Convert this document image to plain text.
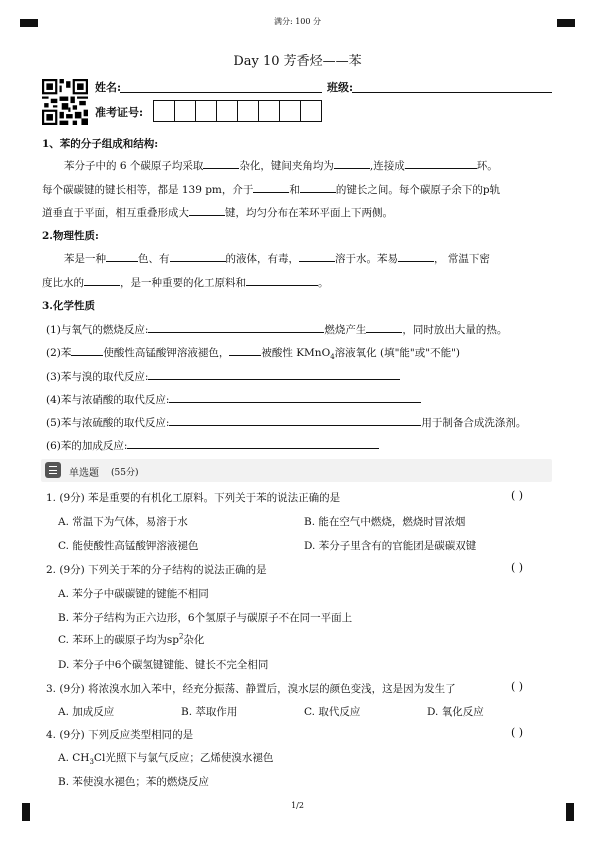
满分: 100 分
Day 10 芳香烃——苯
姓名:	班级:
准考证号:
1、苯的分子组成和结构:
苯分子中的 6 个碳原子均采取	杂化，键间夹角均为	,连接成	环。
每个碳碳键的键长相等，都是 139 pm，介于	和	的键长之间。每个碳原子余下的p轨
道垂直于平面，相互重叠形成大	键，均匀分布在苯环平面上下两侧。
2.物理性质:
苯是一种	色、有	的液体，有毒，	溶于水。苯易	， 常温下密
度比水的	，是一种重要的化工原料和	。
3.化学性质
(1)与氧气的燃烧反应:	燃烧产生	，同时放出大量的热。
(2)苯	使酸性高锰酸钾溶液褪色，	被酸性 KMnO$_4$溶液氧化 (填"能"或"不能")
(3)苯与溴的取代反应:
(4)苯与浓硝酸的取代反应:
(5)苯与浓硫酸的取代反应:	用于制备合成洗涤剂。
(6)苯的加成反应:
单选题 (55分)
1. (9分) 苯是重要的有机化工原料。下列关于苯的说法正确的是	( )
A. 常温下为气体，易溶于水	B. 能在空气中燃烧，燃烧时冒浓烟
C. 能使酸性高锰酸钾溶液褪色	D. 苯分子里含有的官能团是碳碳双键
2. (9分) 下列关于苯的分子结构的说法正确的是	( )
A. 苯分子中碳碳键的键能不相同
B. 苯分子结构为正六边形，6个氢原子与碳原子不在同一平面上
C. 苯环上的碳原子均为$sp^2$杂化
D. 苯分子中6个碳氢键键能、键长不完全相同
3. (9分) 将浓溴水加入苯中，经充分振荡、静置后，溴水层的颜色变浅，这是因为发生了	( )
A. 加成反应	B. 萃取作用	C. 取代反应	D. 氧化反应
4. (9分) 下列反应类型相同的是	( )
A. $CH_3Cl$光照下与氯气反应；乙烯使溴水褪色
B. 苯使溴水褪色；苯的燃烧反应
1/2
